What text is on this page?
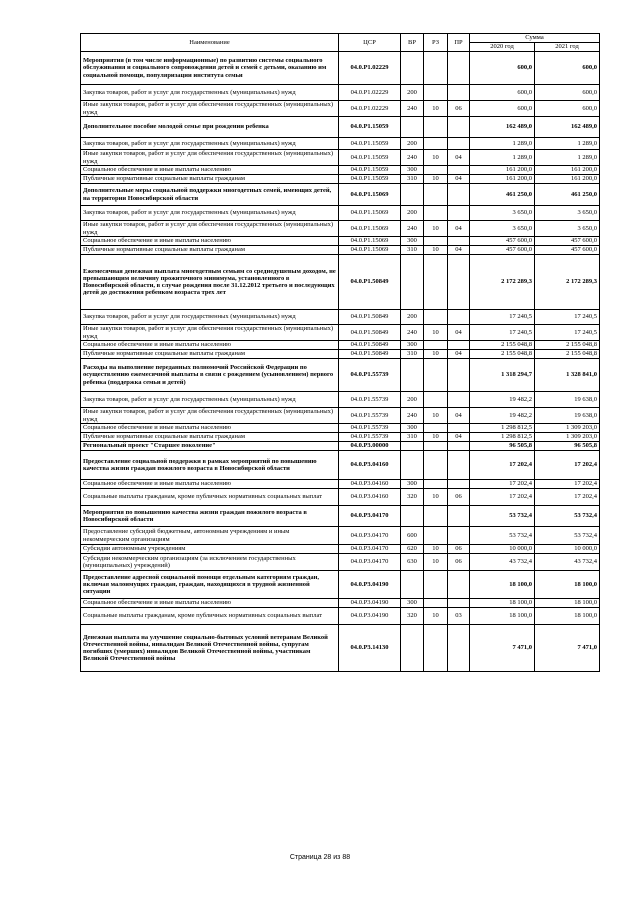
Наименование	ЦСР	ВР	РЗ	ПР	Сумма	
					2020 год	2021 год
Мероприятия (в том числе информационные) по развитию системы социального обслуживания и социального сопровождения детей и семей с детьми, оказанию им социальной помощи, популяризации института семьи	04.0.P1.02229				600,0	600,0
Закупка товаров, работ и услуг для государственных (муниципальных) нужд	04.0.P1.02229	200			600,0	600,0
Иные закупки товаров, работ и услуг для обеспечения государственных (муниципальных) нужд	04.0.P1.02229	240	10	06	600,0	600,0
Дополнительное пособие молодой семье при рождении ребенка	04.0.P1.15059				162 489,0	162 489,0
Закупка товаров, работ и услуг для государственных (муниципальных) нужд	04.0.P1.15059	200			1 289,0	1 289,0
Иные закупки товаров, работ и услуг для обеспечения государственных (муниципальных) нужд	04.0.P1.15059	240	10	04	1 289,0	1 289,0
Социальное обеспечение и иные выплаты населению	04.0.P1.15059	300			161 200,0	161 200,0
Публичные нормативные социальные выплаты гражданам	04.0.P1.15059	310	10	04	161 200,0	161 200,0
Дополнительные меры социальной поддержки многодетных семей, имеющих детей, на территории Новосибирской области	04.0.P1.15069				461 250,0	461 250,0
Закупка товаров, работ и услуг для государственных (муниципальных) нужд	04.0.P1.15069	200			3 650,0	3 650,0
Иные закупки товаров, работ и услуг для обеспечения государственных (муниципальных) нужд	04.0.P1.15069	240	10	04	3 650,0	3 650,0
Социальное обеспечение и иные выплаты населению	04.0.P1.15069	300			457 600,0	457 600,0
Публичные нормативные социальные выплаты гражданам	04.0.P1.15069	310	10	04	457 600,0	457 600,0
Ежемесячная денежная выплата многодетным семьям со среднедушевым доходом, не превышающим величину прожиточного минимума, установленного в Новосибирской области, в случае рождения после 31.12.2012 третьего и последующих детей до достижения ребенком возраста трех лет	04.0.P1.50849				2 172 289,3	2 172 289,3
Закупка товаров, работ и услуг для государственных (муниципальных) нужд	04.0.P1.50849	200			17 240,5	17 240,5
Иные закупки товаров, работ и услуг для обеспечения государственных (муниципальных) нужд	04.0.P1.50849	240	10	04	17 240,5	17 240,5
Социальное обеспечение и иные выплаты населению	04.0.P1.50849	300			2 155 048,8	2 155 048,8
Публичные нормативные социальные выплаты гражданам	04.0.P1.50849	310	10	04	2 155 048,8	2 155 048,8
Расходы на выполнение переданных полномочий Российской Федерации по осуществлению ежемесячной выплаты в связи с рождением (усыновлением) первого ребенка (поддержка семьи и детей)	04.0.P1.55739				1 318 294,7	1 328 841,0
Закупка товаров, работ и услуг для государственных (муниципальных) нужд	04.0.P1.55739	200			19 482,2	19 638,0
Иные закупки товаров, работ и услуг для обеспечения государственных (муниципальных) нужд	04.0.P1.55739	240	10	04	19 482,2	19 638,0
Социальное обеспечение и иные выплаты населению	04.0.P1.55739	300			1 298 812,5	1 309 203,0
Публичные нормативные социальные выплаты гражданам	04.0.P1.55739	310	10	04	1 298 812,5	1 309 203,0
Региональный проект "Старшее поколение"	04.0.P3.00000				96 505,8	96 505,8
Предоставление социальной поддержки в рамках мероприятий по повышению качества жизни граждан пожилого возраста в Новосибирской области	04.0.P3.04160				17 202,4	17 202,4
Социальное обеспечение и иные выплаты населению	04.0.P3.04160	300			17 202,4	17 202,4
Социальные выплаты гражданам, кроме публичных нормативных социальных выплат	04.0.P3.04160	320	10	06	17 202,4	17 202,4
Мероприятия по повышению качества жизни граждан пожилого возраста в Новосибирской области	04.0.P3.04170				53 732,4	53 732,4
Предоставление субсидий бюджетным, автономным учреждениям и иным некоммерческим организациям	04.0.P3.04170	600			53 732,4	53 732,4
Субсидии автономным учреждениям	04.0.P3.04170	620	10	06	10 000,0	10 000,0
Субсидии некоммерческим организациям (за исключением государственных (муниципальных) учреждений)	04.0.P3.04170	630	10	06	43 732,4	43 732,4
Предоставление адресной социальной помощи отдельным категориям граждан, включая малоимущих граждан, граждан, находящихся в трудной жизненной ситуации	04.0.P3.04190				18 100,0	18 100,0
Социальное обеспечение и иные выплаты населению	04.0.P3.04190	300			18 100,0	18 100,0
Социальные выплаты гражданам, кроме публичных нормативных социальных выплат	04.0.P3.04190	320	10	03	18 100,0	18 100,0
Денежная выплата на улучшение социально-бытовых условий ветеранам Великой Отечественной войны, инвалидам Великой Отечественной войны, супругам погибших (умерших) инвалидов Великой Отечественной войны, участникам Великой Отечественной войны	04.0.P3.14130				7 471,0	7 471,0
Страница 28 из 88
